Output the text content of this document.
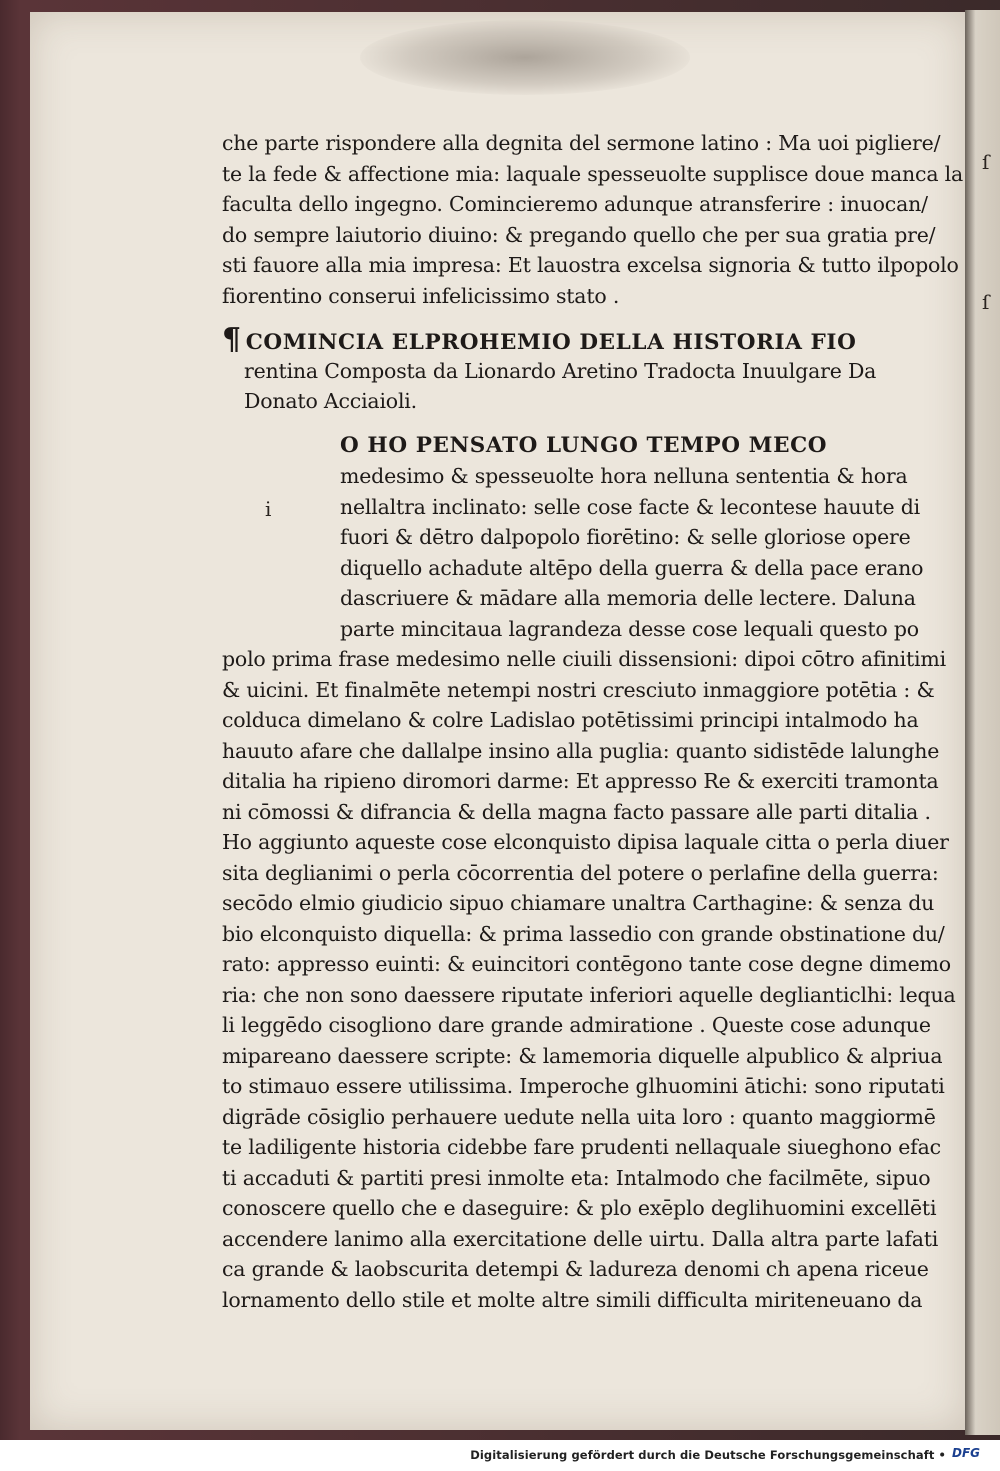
ſ
ſ
i
che parte rispondere alla degnita del sermone latino : Ma uoi pigliere/
te la fede & affectione mia: laquale spesseuolte supplisce doue manca la
faculta dello ingegno. Comincieremo adunque atransferire : inuocan/
do sempre laiutorio diuino: & pregando quello che per sua gratia pre/
sti fauore alla mia impresa: Et lauostra excelsa signoria & tutto ilpopolo
fiorentino conserui infelicissimo stato .
¶ COMINCIA ELPROHEMIO DELLA HISTORIA FIO
rentina Composta da Lionardo Aretino Tradocta Inuulgare Da
Donato Acciaioli.
O HO PENSATO LUNGO TEMPO MECO
medesimo & spesseuolte hora nelluna sententia & hora
nellaltra inclinato: selle cose facte & lecontese hauute di
fuori & dētro dalpopolo fiorētino: & selle gloriose opere
diquello achadute altēpo della guerra & della pace erano
dascriuere & mādare alla memoria delle lectere. Daluna
parte mincitaua lagrandeza desse cose lequali questo po
polo prima frase medesimo nelle ciuili dissensioni: dipoi cōtro afinitimi
& uicini. Et finalmēte netempi nostri cresciuto inmaggiore potētia : &
colduca dimelano & colre Ladislao potētissimi principi intalmodo ha
hauuto afare che dallalpe insino alla puglia: quanto sidistēde lalunghe
ditalia ha ripieno diromori darme: Et appresso Re & exerciti tramonta
ni cōmossi & difrancia & della magna facto passare alle parti ditalia .
Ho aggiunto aqueste cose elconquisto dipisa laquale citta o perla diuer
sita deglianimi o perla cōcorrentia del potere o perlafine della guerra:
secōdo elmio giudicio sipuo chiamare unaltra Carthagine: & senza du
bio elconquisto diquella: & prima lassedio con grande obstinatione du/
rato: appresso euinti: & euincitori contēgono tante cose degne dimemo
ria: che non sono daessere riputate inferiori aquelle deglianticlhi: lequa
li leggēdo cisogliono dare grande admiratione . Queste cose adunque
mipareano daessere scripte: & lamemoria diquelle alpublico & alpriua
to stimauo essere utilissima. Imperoche glhuomini ātichi: sono riputati
digrāde cōsiglio perhauere uedute nella uita loro : quanto maggiormē
te ladiligente historia cidebbe fare prudenti nellaquale siueghono efac
ti accaduti & partiti presi inmolte eta: Intalmodo che facilmēte, sipuo
conoscere quello che e daseguire: & plo exēplo deglihuomini excellēti
accendere lanimo alla exercitatione delle uirtu. Dalla altra parte lafati
ca grande & laobscurita detempi & ladureza denomi ch apena riceue
lornamento dello stile et molte altre simili difficulta miriteneuano da
Digitalisierung gefördert durch die Deutsche Forschungsgemeinschaft • DFG
